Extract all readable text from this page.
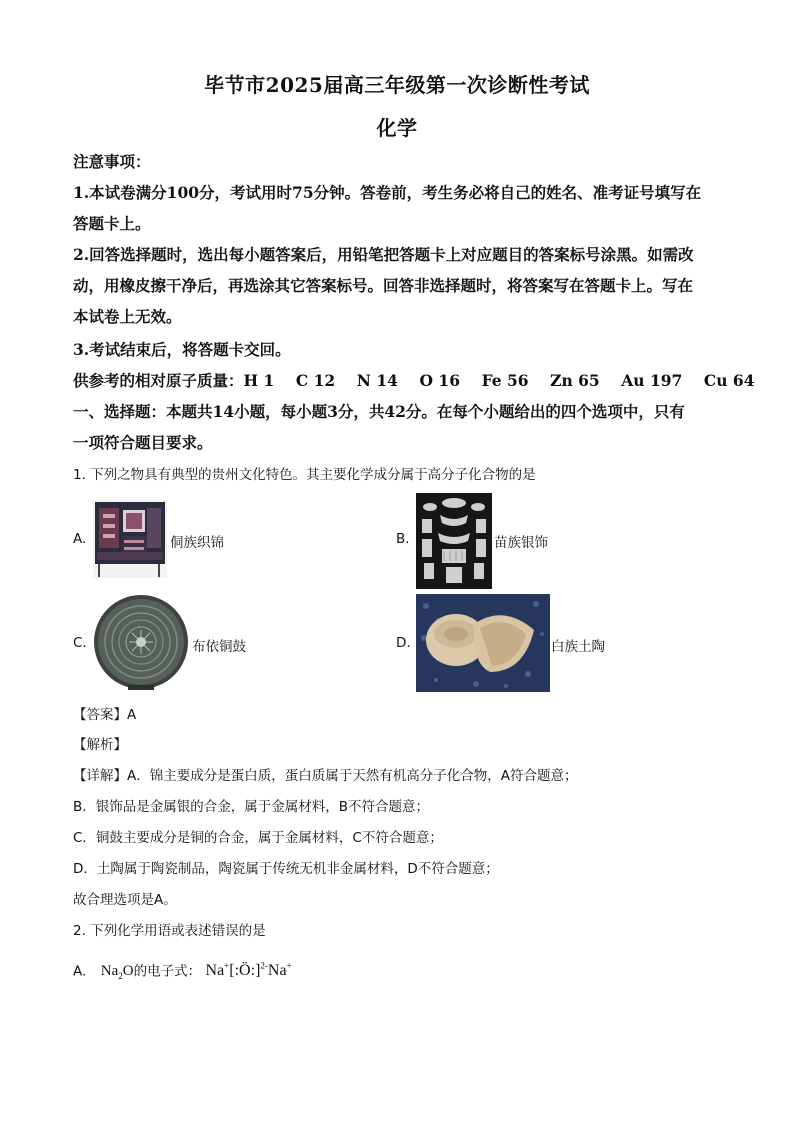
毕节市2025届高三年级第一次诊断性考试
化学
注意事项：
1.本试卷满分100分，考试用时75分钟。答卷前，考生务必将自己的姓名、准考证号填写在
答题卡上。
2.回答选择题时，选出每小题答案后，用铅笔把答题卡上对应题目的答案标号涂黑。如需改
动，用橡皮擦干净后，再选涂其它答案标号。回答非选择题时，将答案写在答题卡上。写在
本试卷上无效。
3.考试结束后，将答题卡交回。
供参考的相对原子质量：H 1    C 12    N 14    O 16    Fe 56    Zn 65    Au 197    Cu 64
一、选择题：本题共14小题，每小题3分，共42分。在每个小题给出的四个选项中，只有
一项符合题目要求。
1. 下列之物具有典型的贵州文化特色。其主要化学成分属于高分子化合物的是
A.	侗族织锦	B.	苗族银饰
C.	布依铜鼓	D.	白族土陶
【答案】A
【解析】
【详解】A．锦主要成分是蛋白质，蛋白质属于天然有机高分子化合物，A符合题意；
B．银饰品是金属银的合金，属于金属材料，B不符合题意；
C．铜鼓主要成分是铜的合金，属于金属材料，C不符合题意；
D．土陶属于陶瓷制品，陶瓷属于传统无机非金属材料，D不符合题意；
故合理选项是A。
2. 下列化学用语或表述错误的是
A. $Na_2O$的电子式： Na+[:Ö:]$^{2-}$Na+
